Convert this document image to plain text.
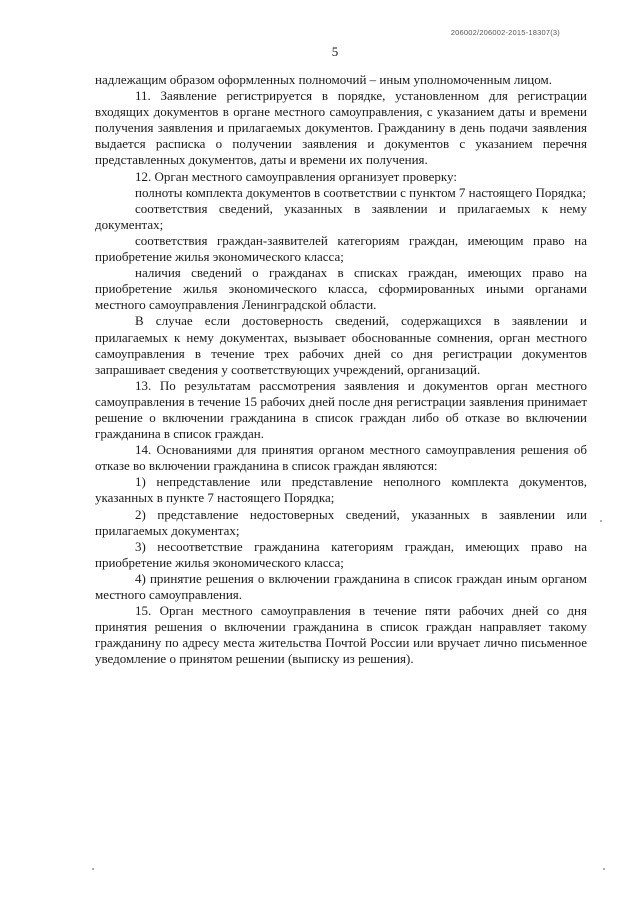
206002/206002-2015-18307(3)
5

надлежащим образом оформленных полномочий – иным уполномоченным лицом.

11. Заявление регистрируется в порядке, установленном для регистрации входящих документов в органе местного самоуправления, с указанием даты и времени получения заявления и прилагаемых документов. Гражданину в день подачи заявления выдается расписка о получении заявления и документов с указанием перечня представленных документов, даты и времени их получения.

12. Орган местного самоуправления организует проверку:

полноты комплекта документов в соответствии с пунктом 7 настоящего Порядка;

соответствия сведений, указанных в заявлении и прилагаемых к нему документах;

соответствия граждан-заявителей категориям граждан, имеющим право на приобретение жилья экономического класса;

наличия сведений о гражданах в списках граждан, имеющих право на приобретение жилья экономического класса, сформированных иными органами местного самоуправления Ленинградской области.

В случае если достоверность сведений, содержащихся в заявлении и прилагаемых к нему документах, вызывает обоснованные сомнения, орган местного самоуправления в течение трех рабочих дней со дня регистрации документов запрашивает сведения у соответствующих учреждений, организаций.

13. По результатам рассмотрения заявления и документов орган местного самоуправления в течение 15 рабочих дней после дня регистрации заявления принимает решение о включении гражданина в список граждан либо об отказе во включении гражданина в список граждан.

14. Основаниями для принятия органом местного самоуправления решения об отказе во включении гражданина в список граждан являются:

1) непредставление или представление неполного комплекта документов, указанных в пункте 7 настоящего Порядка;

2) представление недостоверных сведений, указанных в заявлении или прилагаемых документах;

3) несоответствие гражданина категориям граждан, имеющих право на приобретение жилья экономического класса;

4) принятие решения о включении гражданина в список граждан иным органом местного самоуправления.

15. Орган местного самоуправления в течение пяти рабочих дней со дня принятия решения о включении гражданина в список граждан направляет такому гражданину по адресу места жительства Почтой России или вручает лично письменное уведомление о принятом решении (выписку из решения).
